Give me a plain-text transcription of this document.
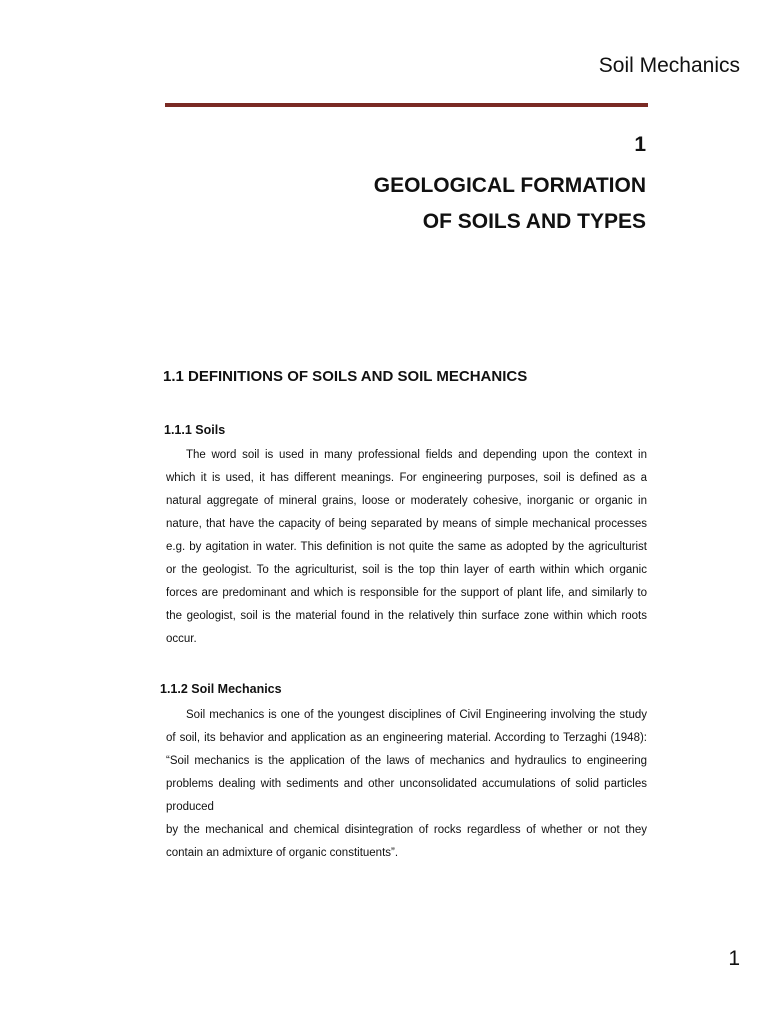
Soil Mechanics
1
GEOLOGICAL FORMATION
OF SOILS AND TYPES
1.1 DEFINITIONS OF SOILS AND SOIL MECHANICS
1.1.1 Soils
The word soil is used in many professional fields and depending upon the context in
which it is used, it has different meanings. For engineering purposes, soil is defined as a
natural aggregate of mineral grains, loose or moderately cohesive, inorganic or organic in
nature, that have the capacity of being separated by means of simple mechanical processes
e.g. by agitation in water. This definition is not quite the same as adopted by the agriculturist
or the geologist. To the agriculturist, soil is the top thin layer of earth within which organic
forces are predominant and which is responsible for the support of plant life, and similarly to
the geologist, soil is the material found in the relatively thin surface zone within which roots
occur.
1.1.2 Soil Mechanics
Soil mechanics is one of the youngest disciplines of Civil Engineering involving the study
of soil, its behavior and application as an engineering material. According to Terzaghi (1948):
“Soil mechanics is the application of the laws of mechanics and hydraulics to engineering
problems dealing with sediments and other unconsolidated accumulations of solid particles
produced
by the mechanical and chemical disintegration of rocks regardless of whether or not they
contain an admixture of organic constituents”.
1
